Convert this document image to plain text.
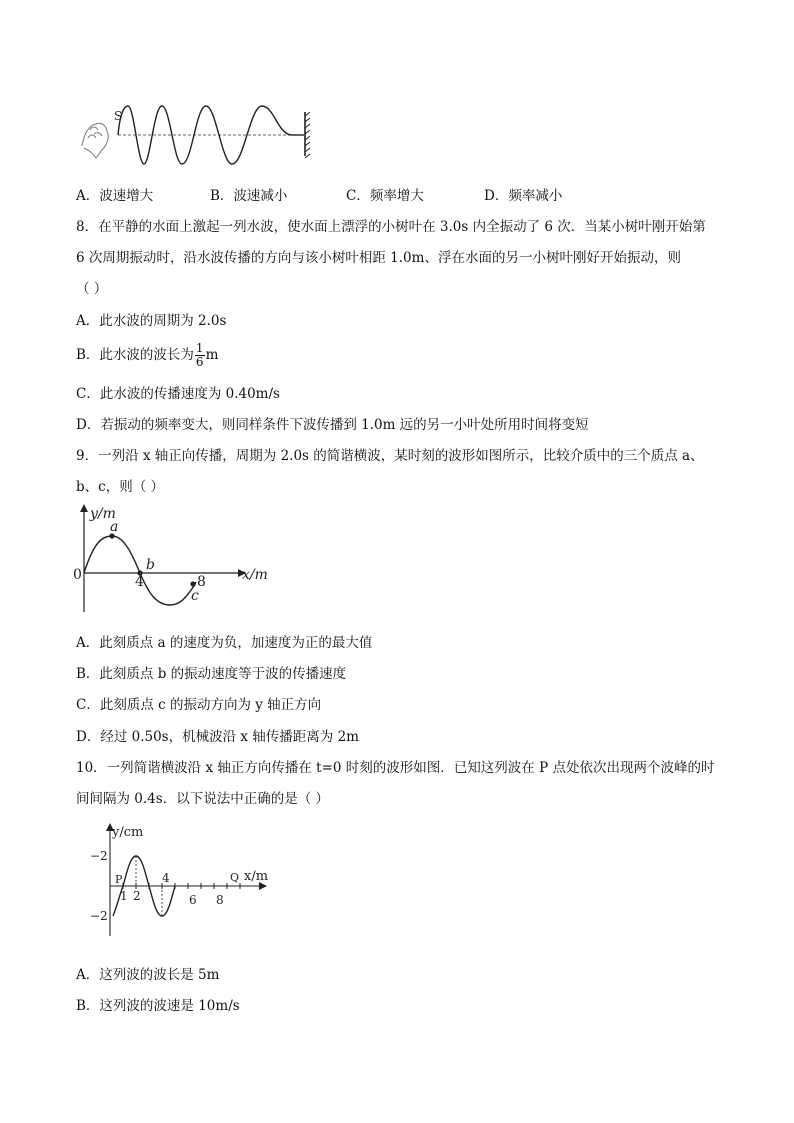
S
A．波速增大	B．波速减小	C．频率增大	D．频率减小
8．在平静的水面上激起一列水波，使水面上漂浮的小树叶在 3.0s 内全振动了 6 次．当某小树叶刚开始第
6 次周期振动时，沿水波传播的方向与该小树叶相距 1.0m、浮在水面的另一小树叶刚好开始振动，则
（ ）
A．此水波的周期为 2.0s
B．此水波的波长为 $\frac{1}{6}$ m
C．此水波的传播速度为 0.40m/s
D．若振动的频率变大，则同样条件下波传播到 1.0m 远的另一小叶处所用时间将变短
9．一列沿 x 轴正向传播，周期为 2.0s 的简谐横波，某时刻的波形如图所示，比较介质中的三个质点 a、
b、c，则（ ）
y/m
x/m
0
a
b
c
4	8
A．此刻质点 a 的速度为负，加速度为正的最大值
B．此刻质点 b 的振动速度等于波的传播速度
C．此刻质点 c 的振动方向为 y 轴正方向
D．经过 0.50s，机械波沿 x 轴传播距离为 2m
10．一列简谐横波沿 x 轴正方向传播在 t=0 时刻的波形如图．已知这列波在 P 点处依次出现两个波峰的时
间间隔为 0.4s．以下说法中正确的是（ ）
y/cm
x/m
−2
−2
P	Q
1 2
4
6 8
A．这列波的波长是 5m
B．这列波的波速是 10m/s
